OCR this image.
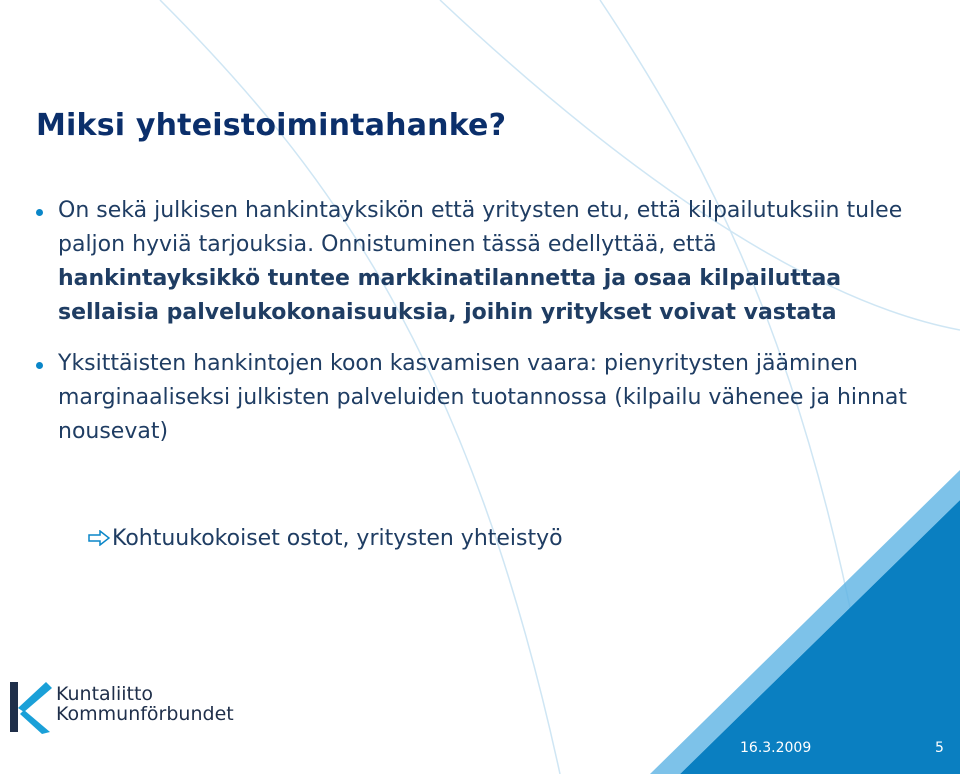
Miksi yhteistoimintahanke?
On sekä julkisen hankintayksikön että yritysten etu, että kilpailutuksiin tulee paljon hyviä tarjouksia. Onnistuminen tässä edellyttää, että hankintayksikkö tuntee markkinatilannetta ja osaa kilpailuttaa sellaisia palvelukokonaisuuksia, joihin yritykset voivat vastata
Yksittäisten hankintojen koon kasvamisen vaara: pienyritysten jääminen marginaaliseksi julkisten palveluiden tuotannossa (kilpailu vähenee ja hinnat nousevat)
Kohtuukokoiset ostot, yritysten yhteistyö
Kuntaliitto
Kommunförbundet
16.3.2009	5
